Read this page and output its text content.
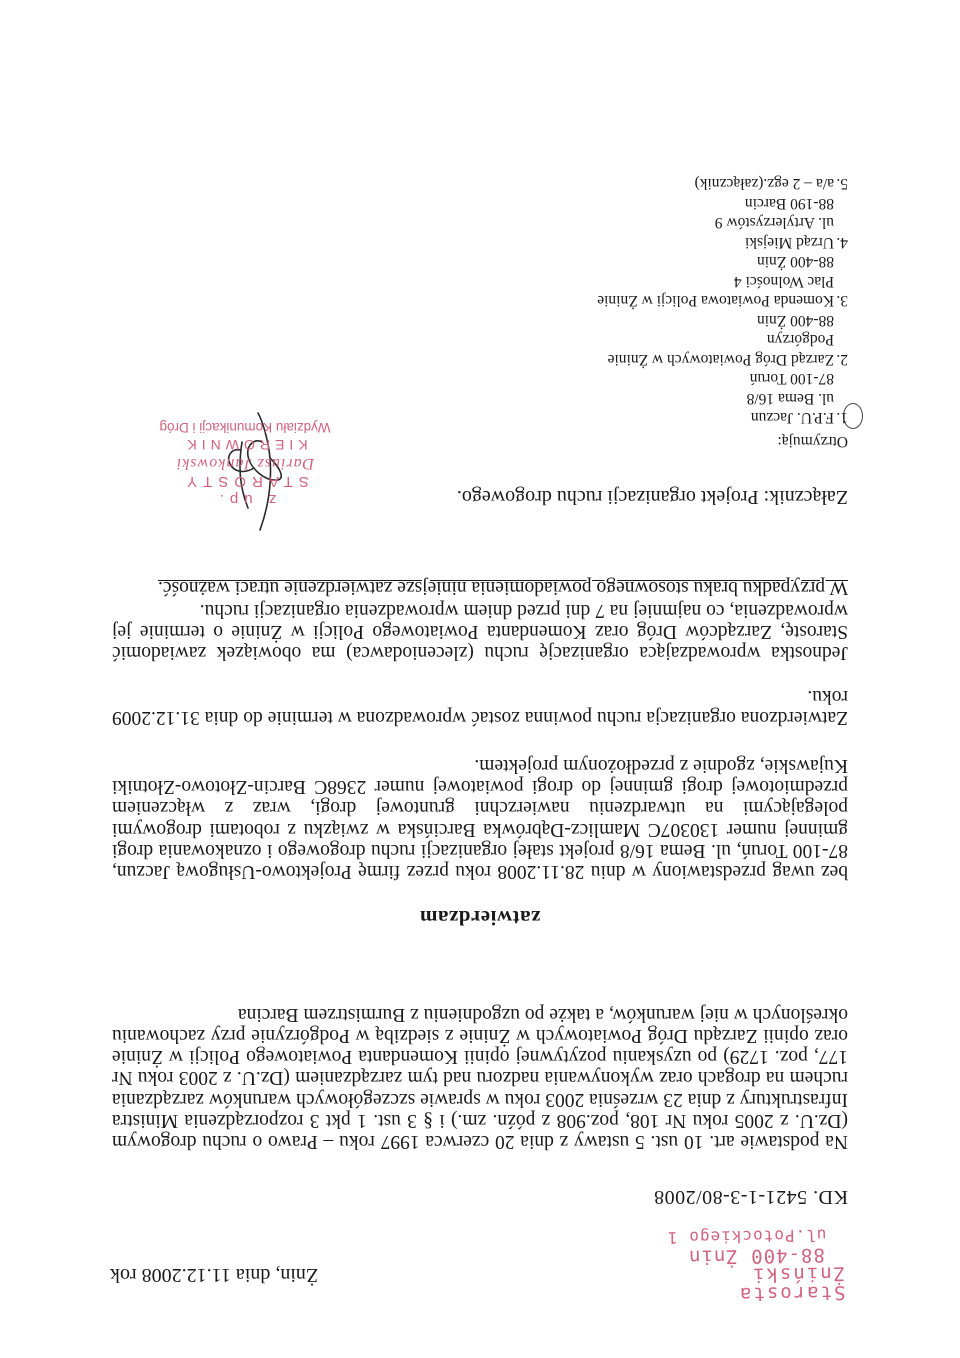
Starosta Żniński
88-400 Żnin
ul.Potockiego 1
Żnin, dnia 11.12.2008 rok
KD. 5421-1-3-80/2008
Na podstawie art. 10 ust. 5 ustawy z dnia 20 czerwca 1997 roku – Prawo o ruchu drogowym (Dz.U. z 2005 roku Nr 108, poz.908 z późn. zm.) i § 3 ust. 1 pkt 3 rozporządzenia Ministra Infrastruktury z dnia 23 września 2003 roku w sprawie szczegółowych warunków zarządzania ruchem na drogach oraz wykonywania nadzoru nad tym zarządzaniem (Dz.U. z 2003 roku Nr 177, poz. 1729) po uzyskaniu pozytywnej opinii Komendanta Powiatowego Policji w Żninie oraz opinii Zarządu Dróg Powiatowych w Żninie z siedzibą w Podgórzynie przy zachowaniu określonych w niej warunków, a także po uzgodnieniu z Burmistrzem Barcina
zatwierdzam
bez uwag przedstawiony w dniu 28.11.2008 roku przez firmę Projektowo-Usługową Jaczun, 87-100 Toruń, ul. Bema 16/8 projekt stałej organizacji ruchu drogowego i oznakowania drogi gminnej numer 130307C Mamlicz-Dąbrówka Barcińska w związku z robotami drogowymi polegającymi na utwardzeniu nawierzchni gruntowej drogi, wraz z włączeniem przedmiotowej drogi gminnej do drogi powiatowej numer 2368C Barcin-Złotowo-Złotniki Kujawskie, zgodnie z przedłożonym projektem.
Zatwierdzona organizacja ruchu powinna zostać wprowadzona w terminie do dnia 31.12.2009 roku.
Jednostka wprowadzająca organizację ruchu (zleceniodawca) ma obowiązek zawiadomić Starostę, Zarządców Dróg oraz Komendanta Powiatowego Policji w Żninie o terminie jej wprowadzenia, co najmniej na 7 dni przed dniem wprowadzenia organizacji ruchu.
W przypadku braku stosownego powiadomienia niniejsze zatwierdzenie utraci ważność.
Załącznik: Projekt organizacji ruchu drogowego.
z up. STAROSTY
Dariusz Jankowski
KIEROWNIK
Wydziału Komunikacji i Dróg
Otrzymują:
1.F.P.U. Jaczun
ul. Bema 16/8
87-100 Toruń
2.Zarząd Dróg Powiatowych w Żninie
Podgórzyn
88-400 Żnin
3.Komenda Powiatowa Policji w Żninie
Plac Wolności 4
88-400 Żnin
4.Urząd Miejski
ul. Artylerzystów 9
88-190 Barcin
5.a/a – 2 egz.(załącznik)
